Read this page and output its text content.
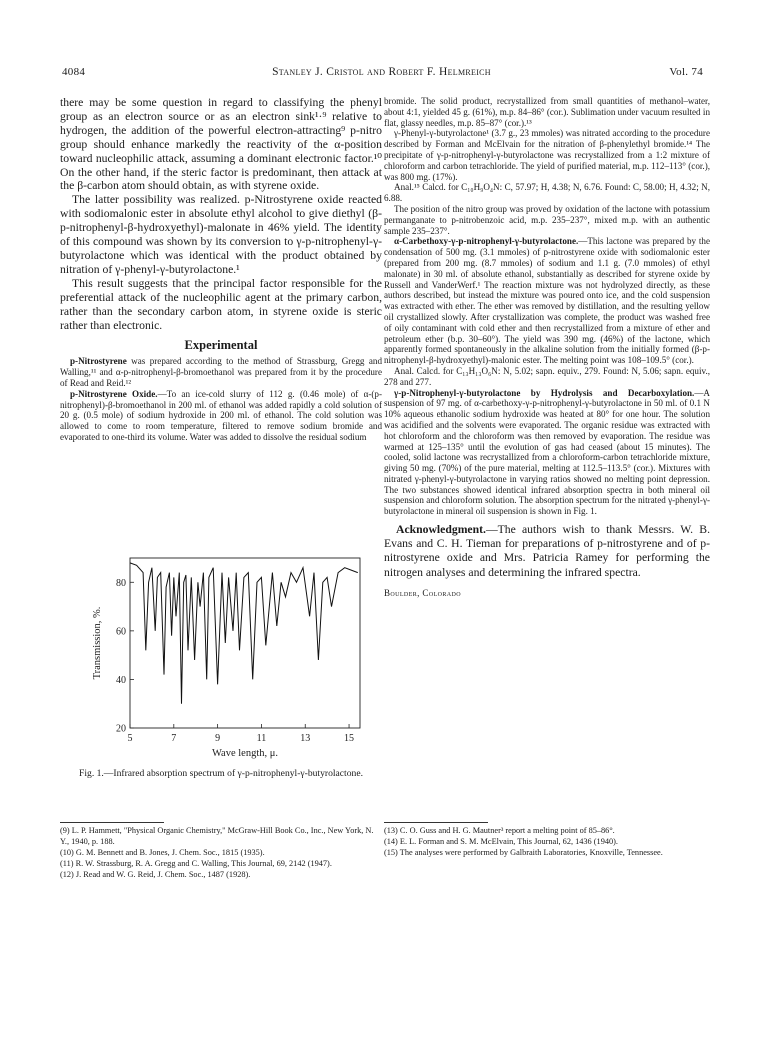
4084	Stanley J. Cristol and Robert F. Helmreich	Vol. 74

there may be some question in regard to classifying the phenyl group as an electron source or as an electron sink¹·⁹ relative to hydrogen, the addition of the powerful electron-attracting⁹ p-nitro group should enhance markedly the reactivity of the α-position toward nucleophilic attack, assuming a dominant electronic factor.¹⁰ On the other hand, if the steric factor is predominant, then attack at the β-carbon atom should obtain, as with styrene oxide.

The latter possibility was realized. p-Nitrostyrene oxide reacted with sodiomalonic ester in absolute ethyl alcohol to give diethyl (β-p-nitrophenyl-β-hydroxyethyl)-malonate in 46% yield. The identity of this compound was shown by its conversion to γ-p-nitrophenyl-γ-butyrolactone which was identical with the product obtained by nitration of γ-phenyl-γ-butyrolactone.¹

This result suggests that the principal factor responsible for the preferential attack of the nucleophilic agent at the primary carbon, rather than the secondary carbon atom, in styrene oxide is steric rather than electronic.

Experimental

p-Nitrostyrene was prepared according to the method of Strassburg, Gregg and Walling,¹¹ and α-p-nitrophenyl-β-bromoethanol was prepared from it by the procedure of Read and Reid.¹²

p-Nitrostyrene Oxide.—To an ice-cold slurry of 112 g. (0.46 mole) of α-(p-nitrophenyl)-β-bromoethanol in 200 ml. of ethanol was added rapidly a cold solution of 20 g. (0.5 mole) of sodium hydroxide in 200 ml. of ethanol. The cold solution was allowed to come to room temperature, filtered to remove sodium bromide and evaporated to one-third its volume. Water was added to dissolve the residual sodium

5	7	9	11	13	15
20
40
60
80
Wave length, μ.
Transmission, %.
Fig. 1.—Infrared absorption spectrum of γ-p-nitrophenyl-γ-butyrolactone.

bromide. The solid product, recrystallized from small quantities of methanol–water, about 4:1, yielded 45 g. (61%), m.p. 84–86° (cor.). Sublimation under vacuum resulted in flat, glassy needles, m.p. 85–87° (cor.).¹³

γ-Phenyl-γ-butyrolactone¹ (3.7 g., 23 mmoles) was nitrated according to the procedure described by Forman and McElvain for the nitration of β-phenylethyl bromide.¹⁴ The precipitate of γ-p-nitrophenyl-γ-butyrolactone was recrystallized from a 1:2 mixture of chloroform and carbon tetrachloride. The yield of purified material, m.p. 112–113° (cor.), was 800 mg. (17%).

Anal.¹⁵ Calcd. for C₁₀H₉O₄N: C, 57.97; H, 4.38; N, 6.76. Found: C, 58.00; H, 4.32; N, 6.88.

The position of the nitro group was proved by oxidation of the lactone with potassium permanganate to p-nitrobenzoic acid, m.p. 235–237°, mixed m.p. with an authentic sample 235–237°.

α-Carbethoxy-γ-p-nitrophenyl-γ-butyrolactone.—This lactone was prepared by the condensation of 500 mg. (3.1 mmoles) of p-nitrostyrene oxide with sodiomalonic ester (prepared from 200 mg. (8.7 mmoles) of sodium and 1.1 g. (7.0 mmoles) of ethyl malonate) in 30 ml. of absolute ethanol, substantially as described for styrene oxide by Russell and VanderWerf.¹ The reaction mixture was not hydrolyzed directly, as these authors described, but instead the mixture was poured onto ice, and the cold suspension was extracted with ether. The ether was removed by distillation, and the resulting yellow oil crystallized slowly. After crystallization was complete, the product was washed free of oily contaminant with cold ether and then recrystallized from a mixture of ether and petroleum ether (b.p. 30–60°). The yield was 390 mg. (46%) of the lactone, which apparently formed spontaneously in the alkaline solution from the initially formed (β-p-nitrophenyl-β-hydroxyethyl)-malonic ester. The melting point was 108–109.5° (cor.).

Anal. Calcd. for C₁₃H₁₃O₆N: N, 5.02; sapn. equiv., 279. Found: N, 5.06; sapn. equiv., 278 and 277.

γ-p-Nitrophenyl-γ-butyrolactone by Hydrolysis and Decarboxylation.—A suspension of 97 mg. of α-carbethoxy-γ-p-nitrophenyl-γ-butyrolactone in 50 ml. of 0.1 N 10% aqueous ethanolic sodium hydroxide was heated at 80° for one hour. The solution was acidified and the solvents were evaporated. The organic residue was extracted with hot chloroform and the chloroform was then removed by evaporation. The residue was warmed at 125–135° until the evolution of gas had ceased (about 15 minutes). The cooled, solid lactone was recrystallized from a chloroform-carbon tetrachloride mixture, giving 50 mg. (70%) of the pure material, melting at 112.5–113.5° (cor.). Mixtures with nitrated γ-phenyl-γ-butyrolactone in varying ratios showed no melting point depression. The two substances showed identical infrared absorption spectra in both mineral oil suspension and chloroform solution. The absorption spectrum for the nitrated γ-phenyl-γ-butyrolactone in mineral oil suspension is shown in Fig. 1.

Acknowledgment.—The authors wish to thank Messrs. W. B. Evans and C. H. Tieman for preparations of p-nitrostyrene and of p-nitrostyrene oxide and Mrs. Patricia Ramey for performing the nitrogen analyses and determining the infrared spectra.

Boulder, Colorado

(9) L. P. Hammett, "Physical Organic Chemistry," McGraw-Hill Book Co., Inc., New York, N. Y., 1940, p. 188.

(10) G. M. Bennett and B. Jones, J. Chem. Soc., 1815 (1935).

(11) R. W. Strassburg, R. A. Gregg and C. Walling, This Journal, 69, 2142 (1947).

(12) J. Read and W. G. Reid, J. Chem. Soc., 1487 (1928).

(13) C. O. Guss and H. G. Mautner³ report a melting point of 85–86°.

(14) E. L. Forman and S. M. McElvain, This Journal, 62, 1436 (1940).

(15) The analyses were performed by Galbraith Laboratories, Knoxville, Tennessee.
